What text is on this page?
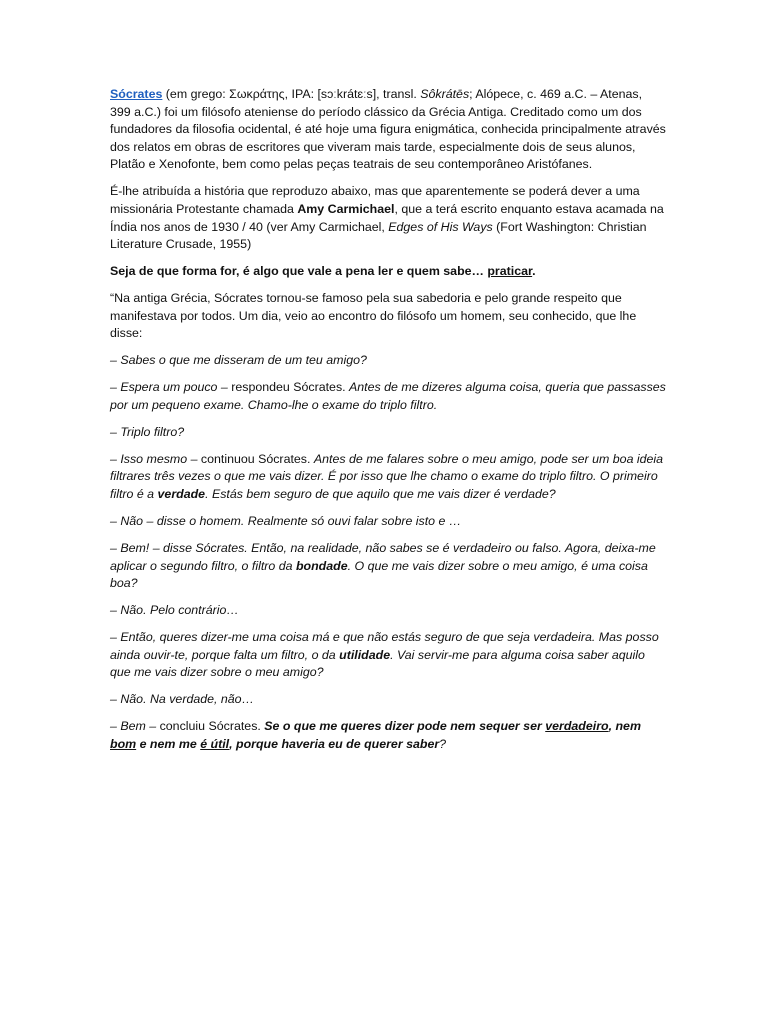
Sócrates (em grego: Σωκράτης, IPA: [sɔːkrátɛːs], transl. Sôkrátēs; Alópece, c. 469 a.C. – Atenas, 399 a.C.) foi um filósofo ateniense do período clássico da Grécia Antiga. Creditado como um dos fundadores da filosofia ocidental, é até hoje uma figura enigmática, conhecida principalmente através dos relatos em obras de escritores que viveram mais tarde, especialmente dois de seus alunos, Platão e Xenofonte, bem como pelas peças teatrais de seu contemporâneo Aristófanes.

É-lhe atribuída a história que reproduzo abaixo, mas que aparentemente se poderá dever a uma missionária Protestante chamada Amy Carmichael, que a terá escrito enquanto estava acamada na Índia nos anos de 1930 / 40 (ver Amy Carmichael, Edges of His Ways (Fort Washington: Christian Literature Crusade, 1955)

Seja de que forma for, é algo que vale a pena ler e quem sabe… praticar.

“Na antiga Grécia, Sócrates tornou-se famoso pela sua sabedoria e pelo grande respeito que manifestava por todos. Um dia, veio ao encontro do filósofo um homem, seu conhecido, que lhe disse:

– Sabes o que me disseram de um teu amigo?

– Espera um pouco – respondeu Sócrates. Antes de me dizeres alguma coisa, queria que passasses por um pequeno exame. Chamo-lhe o exame do triplo filtro.

– Triplo filtro?

– Isso mesmo – continuou Sócrates. Antes de me falares sobre o meu amigo, pode ser um boa ideia filtrares três vezes o que me vais dizer. É por isso que lhe chamo o exame do triplo filtro. O primeiro filtro é a verdade. Estás bem seguro de que aquilo que me vais dizer é verdade?

– Não – disse o homem. Realmente só ouvi falar sobre isto e …

– Bem! – disse Sócrates. Então, na realidade, não sabes se é verdadeiro ou falso. Agora, deixa-me aplicar o segundo filtro, o filtro da bondade. O que me vais dizer sobre o meu amigo, é uma coisa boa?

– Não. Pelo contrário…

– Então, queres dizer-me uma coisa má e que não estás seguro de que seja verdadeira. Mas posso ainda ouvir-te, porque falta um filtro, o da utilidade. Vai servir-me para alguma coisa saber aquilo que me vais dizer sobre o meu amigo?

– Não. Na verdade, não…

– Bem – concluiu Sócrates. Se o que me queres dizer pode nem sequer ser verdadeiro, nem bom e nem me é útil, porque haveria eu de querer saber?
